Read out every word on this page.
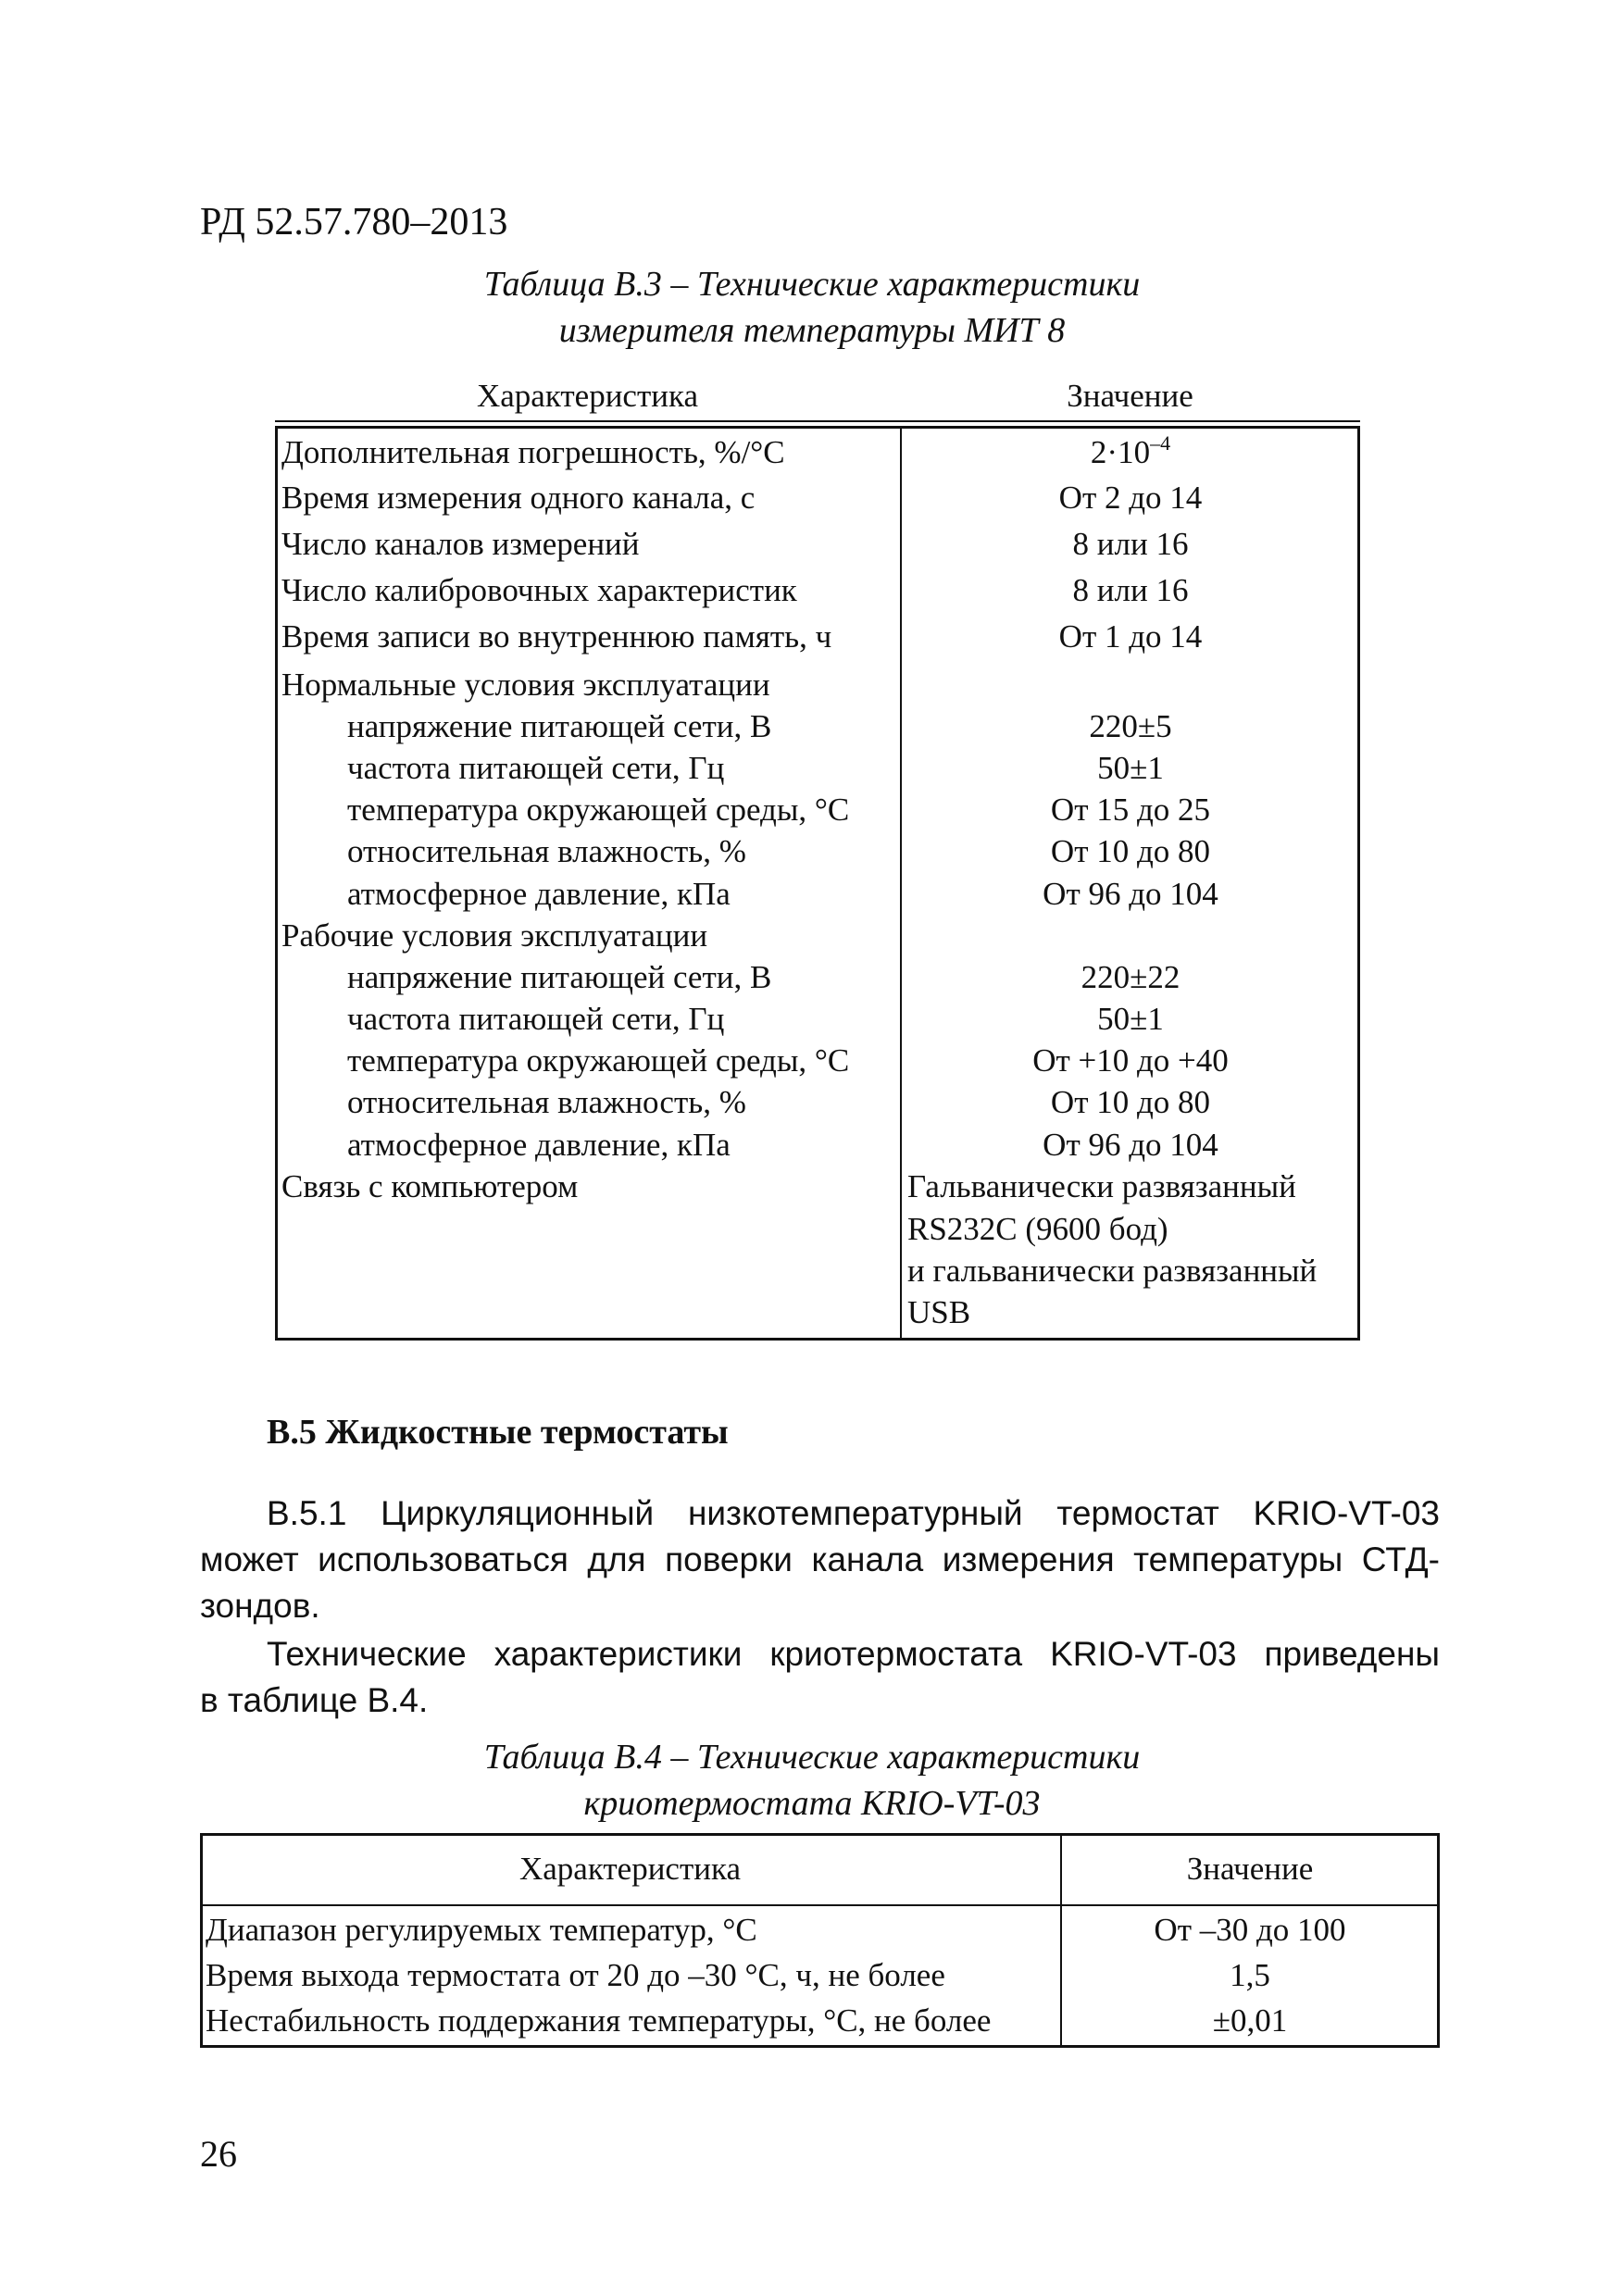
РД 52.57.780–2013
Таблица В.3 – Технические характеристики
измерителя температуры МИТ 8
Характеристика	Значение
Дополнительная погрешность, %/°С	$2\cdot 10^{-4}$
Время измерения одного канала, с	От 2 до 14
Число каналов измерений	8 или 16
Число калибровочных характеристик	8 или 16
Время записи во внутреннюю память, ч	От 1 до 14
Нормальные условия эксплуатации
напряжение питающей сети, В	220±5
частота питающей сети, Гц	50±1
температура окружающей среды, °С	От 15 до 25
относительная влажность, %	От 10 до 80
атмосферное давление, кПа	От 96 до 104
Рабочие условия эксплуатации
напряжение питающей сети, В	220±22
частота питающей сети, Гц	50±1
температура окружающей среды, °С	От +10 до +40
относительная влажность, %	От 10 до 80
атмосферное давление, кПа	От 96 до 104
Связь с компьютером	Гальванически развязанный
RS232C (9600 бод)
и гальванически развязанный
USB
В.5 Жидкостные термостаты
В.5.1 Циркуляционный низкотемпературный термостат KRIO-VT-03
может использоваться для поверки канала измерения температуры СТД-
зондов.
Технические характеристики криотермостата KRIO-VT-03 приведены
в таблице В.4.
Таблица В.4 – Технические характеристики
криотермостата KRIO-VT-03
Характеристика	Значение
Диапазон регулируемых температур, °С	От –30 до 100
Время выхода термостата от 20 до –30 °С, ч, не более	1,5
Нестабильность поддержания температуры, °С, не более	±0,01
26
